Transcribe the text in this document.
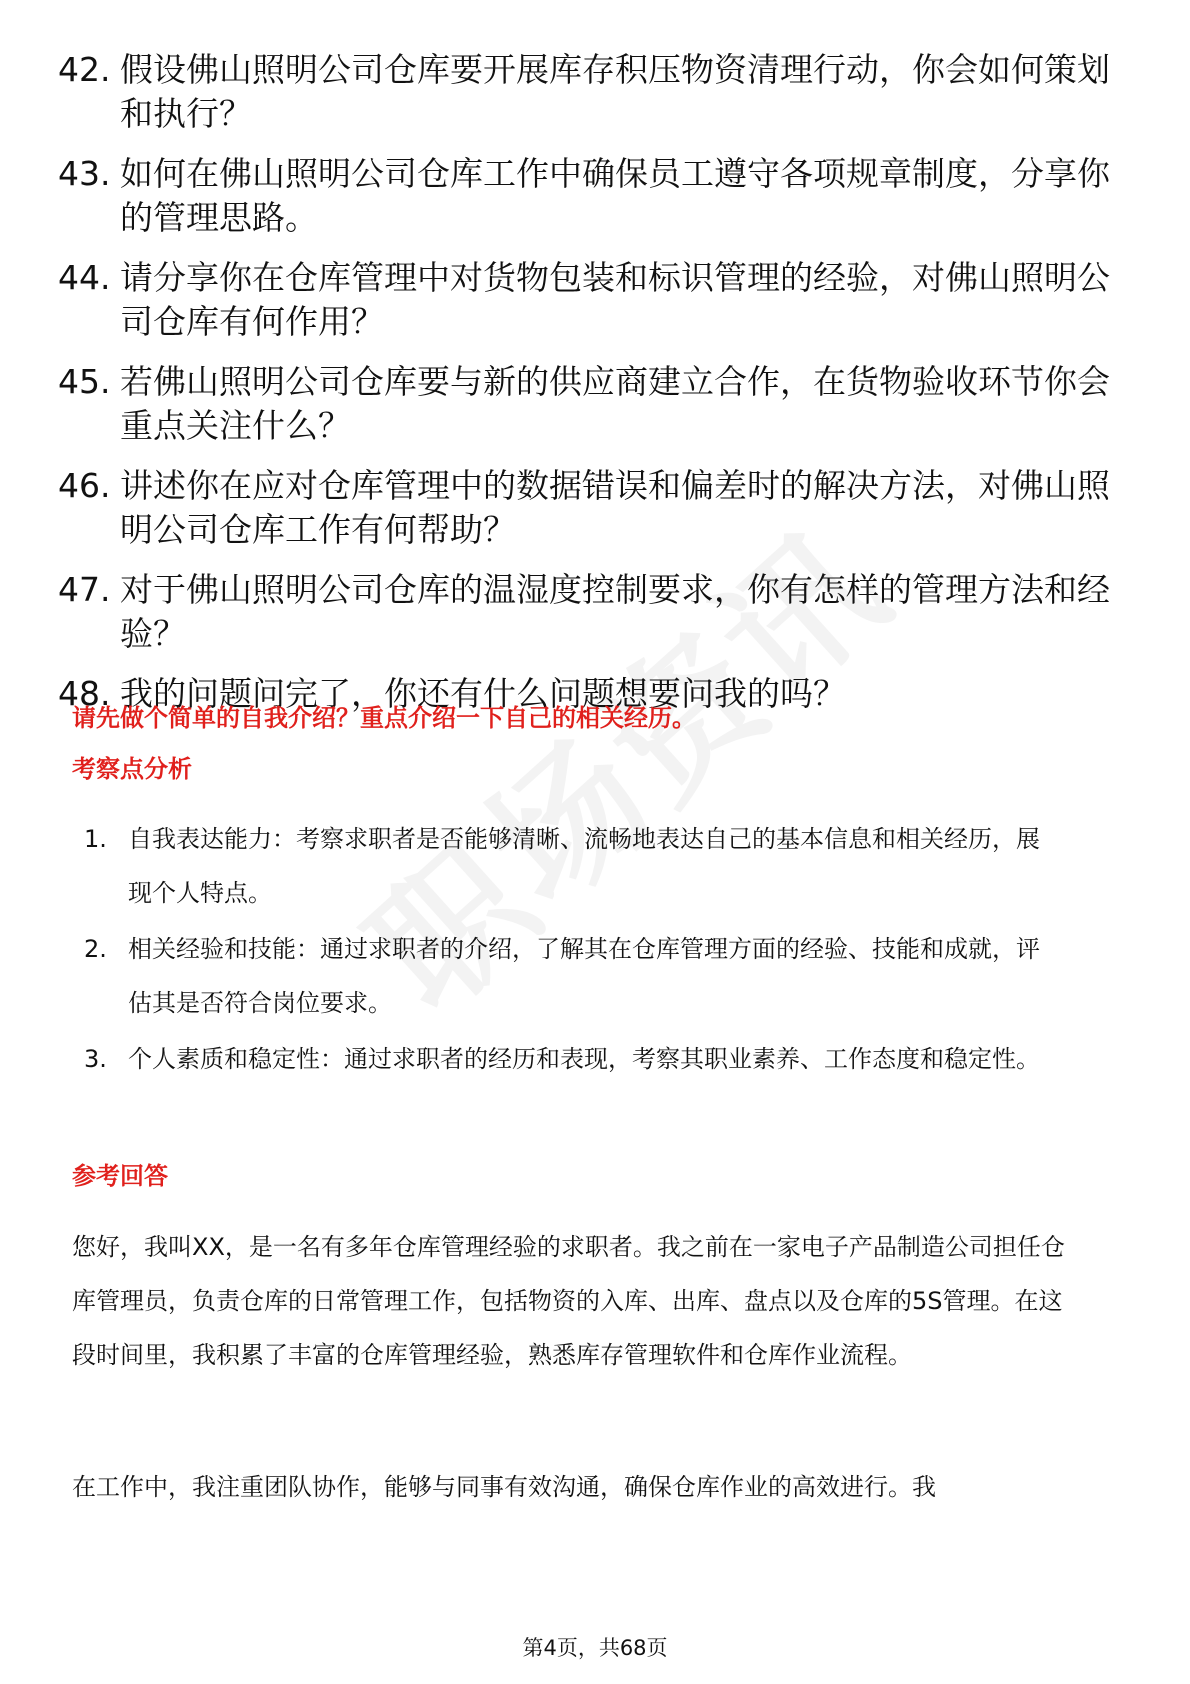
42. 假设佛山照明公司仓库要开展库存积压物资清理行动，你会如何策划和执行？
43. 如何在佛山照明公司仓库工作中确保员工遵守各项规章制度，分享你的管理思路。
44. 请分享你在仓库管理中对货物包装和标识管理的经验，对佛山照明公司仓库有何作用？
45. 若佛山照明公司仓库要与新的供应商建立合作，在货物验收环节你会重点关注什么？
46. 讲述你在应对仓库管理中的数据错误和偏差时的解决方法，对佛山照明公司仓库工作有何帮助？
47. 对于佛山照明公司仓库的温湿度控制要求，你有怎样的管理方法和经验？
48. 我的问题问完了，你还有什么问题想要问我的吗？
请先做个简单的自我介绍？重点介绍一下自己的相关经历。
考察点分析
1. 自我表达能力：考察求职者是否能够清晰、流畅地表达自己的基本信息和相关经历，展现个人特点。
2. 相关经验和技能：通过求职者的介绍，了解其在仓库管理方面的经验、技能和成就，评估其是否符合岗位要求。
3. 个人素质和稳定性：通过求职者的经历和表现，考察其职业素养、工作态度和稳定性。
参考回答

您好，我叫XX，是一名有多年仓库管理经验的求职者。我之前在一家电子产品制造公司担任仓库管理员，负责仓库的日常管理工作，包括物资的入库、出库、盘点以及仓库的5S管理。在这段时间里，我积累了丰富的仓库管理经验，熟悉库存管理软件和仓库作业流程。

在工作中，我注重团队协作，能够与同事有效沟通，确保仓库作业的高效进行。我

第4页，共68页
